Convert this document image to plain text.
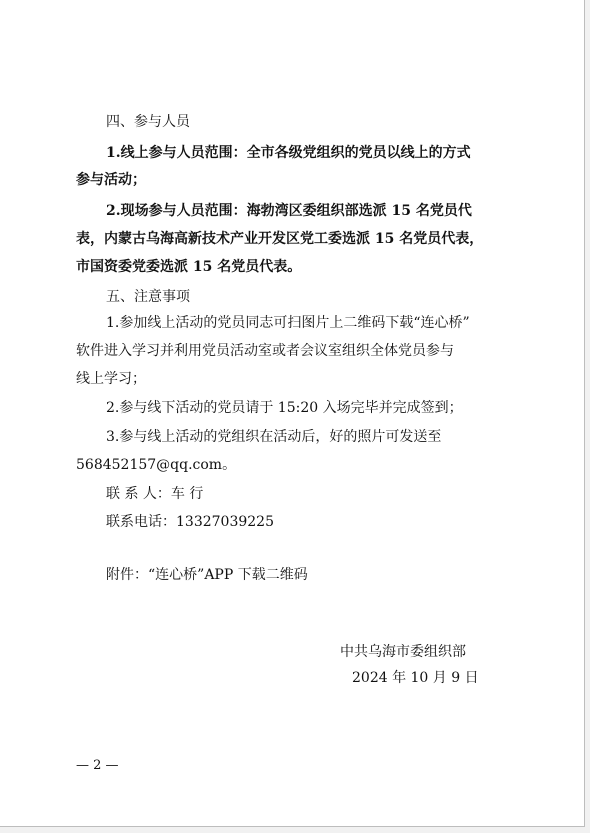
四、参与人员
1.线上参与人员范围：全市各级党组织的党员以线上的方式
参与活动；
2.现场参与人员范围：海勃湾区委组织部选派 15 名党员代
表，内蒙古乌海高新技术产业开发区党工委选派 15 名党员代表，
市国资委党委选派 15 名党员代表。
五、注意事项
1.参加线上活动的党员同志可扫图片上二维码下载“连心桥”
软件进入学习并利用党员活动室或者会议室组织全体党员参与
线上学习；
2.参与线下活动的党员请于 15:20 入场完毕并完成签到；
3.参与线上活动的党组织在活动后，好的照片可发送至
568452157@qq.com。
联 系 人：车 行
联系电话：13327039225
附件：“连心桥”APP 下载二维码
中共乌海市委组织部
2024 年 10 月 9 日
— 2 —
